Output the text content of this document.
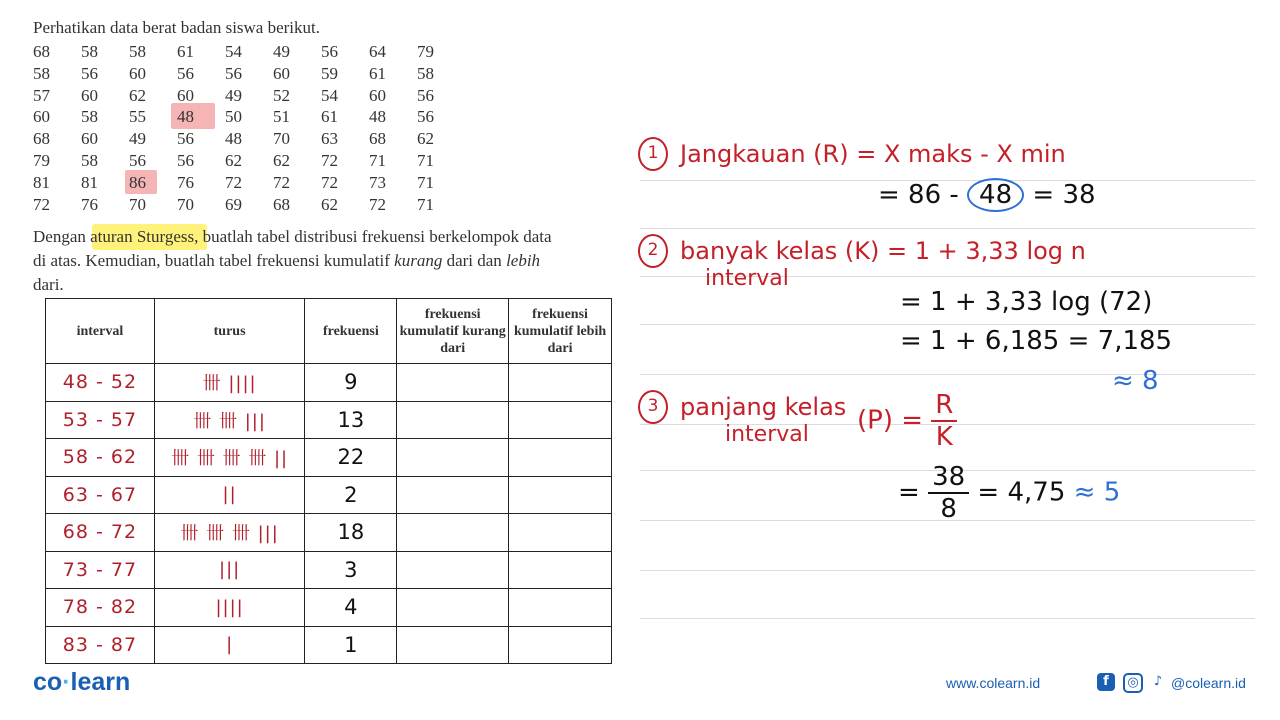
Perhatikan data berat badan siswa berikut.
68	58	58	61	54	49	56	64	79
58	56	60	56	56	60	59	61	58
57	60	62	60	49	52	54	60	56
60	58	55	48	50	51	61	48	56
68	60	49	56	48	70	63	68	62
79	58	56	56	62	62	72	71	71
81	81	86	76	72	72	72	73	71
72	76	70	70	69	68	62	72	71
Dengan aturan Sturgess, buatlah tabel distribusi frekuensi berkelompok data di atas. Kemudian, buatlah tabel frekuensi kumulatif kurang dari dan lebih dari.
interval	turus	frekuensi	frekuensi kumulatif kurang dari	frekuensi kumulatif lebih dari
48 - 52	卌 ||||	9		
53 - 57	卌 卌 |||	13		
58 - 62	卌 卌 卌 卌 ||	22		
63 - 67	||	2		
68 - 72	卌 卌 卌 |||	18		
73 - 77	|||	3		
78 - 82	||||	4		
83 - 87	|	1		
1 Jangkauan (R) = X maks - X min
= 86 - 48 = 38
2 banyak kelas (K) = 1 + 3,33 log n
interval
= 1 + 3,33 log (72)
= 1 + 6,185 = 7,185
≈ 8
3 panjang kelas
interval $(P) = \frac{R}{K}$
= $\frac{38}{8} = 4,75 \approx 5$
co·learn	www.colearn.id	f	◎	♪ @colearn.id
